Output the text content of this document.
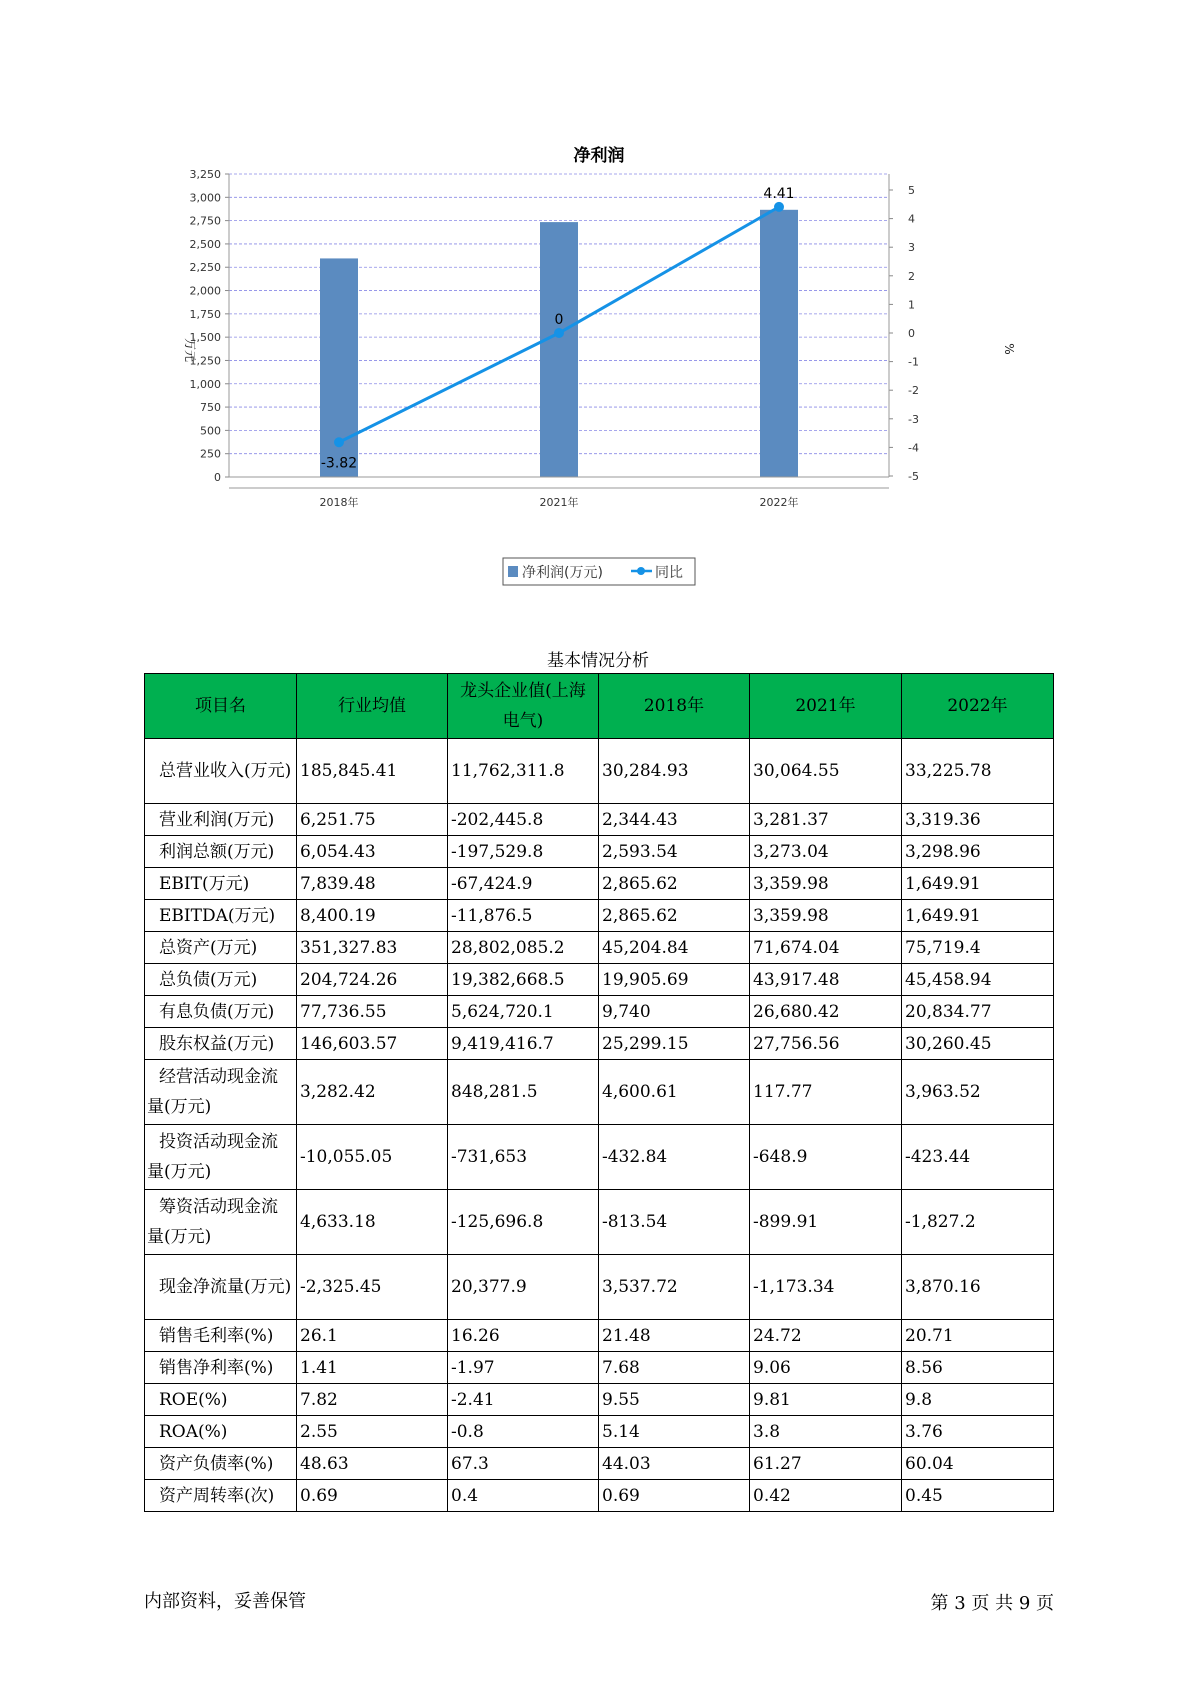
净利润
-3.82
0
4.41
0
250
500
750
1,000
1,250
1,500
1,750
2,000
2,250
2,500
2,750
3,000
3,250
-5
-4
-3
-2
-1
0
1
2
3
4
5
2018年	2021年	2022年
万元	%
净利润(万元)	同比
基本情况分析
项目名	行业均值	龙头企业值(上海电气)	2018年	2021年	2022年
总营业收入(万元)	185,845.41	11,762,311.8	30,284.93	30,064.55	33,225.78
营业利润(万元)	6,251.75	-202,445.8	2,344.43	3,281.37	3,319.36
利润总额(万元)	6,054.43	-197,529.8	2,593.54	3,273.04	3,298.96
EBIT(万元)	7,839.48	-67,424.9	2,865.62	3,359.98	1,649.91
EBITDA(万元)	8,400.19	-11,876.5	2,865.62	3,359.98	1,649.91
总资产(万元)	351,327.83	28,802,085.2	45,204.84	71,674.04	75,719.4
总负债(万元)	204,724.26	19,382,668.5	19,905.69	43,917.48	45,458.94
有息负债(万元)	77,736.55	5,624,720.1	9,740	26,680.42	20,834.77
股东权益(万元)	146,603.57	9,419,416.7	25,299.15	27,756.56	30,260.45
经营活动现金流量(万元)	3,282.42	848,281.5	4,600.61	117.77	3,963.52
投资活动现金流量(万元)	-10,055.05	-731,653	-432.84	-648.9	-423.44
筹资活动现金流量(万元)	4,633.18	-125,696.8	-813.54	-899.91	-1,827.2
现金净流量(万元)	-2,325.45	20,377.9	3,537.72	-1,173.34	3,870.16
销售毛利率(%)	26.1	16.26	21.48	24.72	20.71
销售净利率(%)	1.41	-1.97	7.68	9.06	8.56
ROE(%)	7.82	-2.41	9.55	9.81	9.8
ROA(%)	2.55	-0.8	5.14	3.8	3.76
资产负债率(%)	48.63	67.3	44.03	61.27	60.04
资产周转率(次)	0.69	0.4	0.69	0.42	0.45
内部资料，妥善保管	第 3 页 共 9 页
